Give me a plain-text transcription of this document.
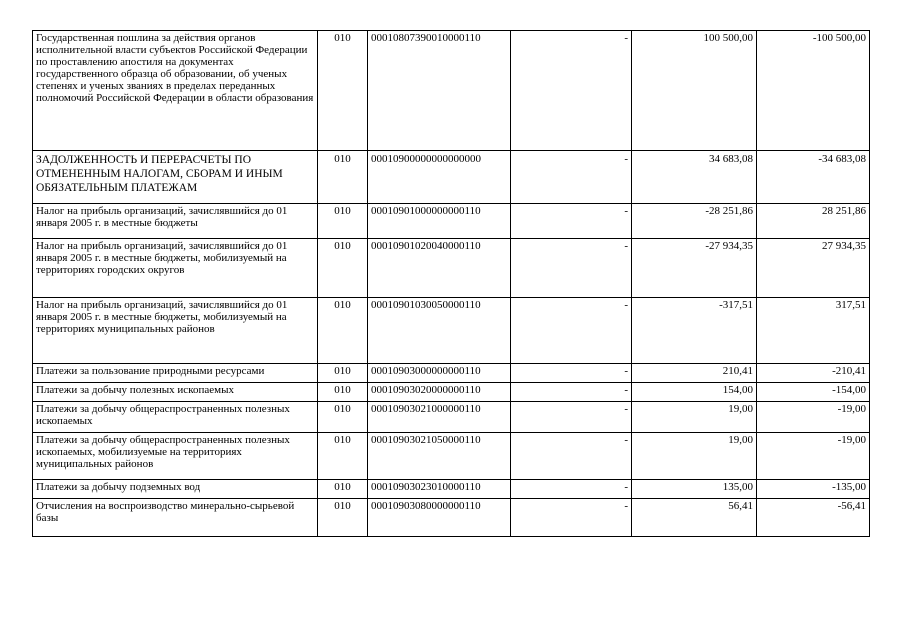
Государственная пошлина за действия органов исполнительной власти субъектов Российской Федерации по проставлению апостиля на документах государственного образца об образовании, об ученых степенях и ученых званиях в пределах переданных полномочий Российской Федерации в области образования	010	00010807390010000110	-	100 500,00	-100 500,00
ЗАДОЛЖЕННОСТЬ И ПЕРЕРАСЧЕТЫ ПО ОТМЕНЕННЫМ НАЛОГАМ, СБОРАМ И ИНЫМ ОБЯЗАТЕЛЬНЫМ ПЛАТЕЖАМ	010	00010900000000000000	-	34 683,08	-34 683,08
Налог на прибыль организаций, зачислявшийся до 01 января 2005 г. в местные бюджеты	010	00010901000000000110	-	-28 251,86	28 251,86
Налог на прибыль организаций, зачислявшийся до 01 января 2005 г. в местные бюджеты, мобилизуемый на территориях городских округов	010	00010901020040000110	-	-27 934,35	27 934,35
Налог на прибыль организаций, зачислявшийся до 01 января 2005 г. в местные бюджеты, мобилизуемый на территориях муниципальных районов	010	00010901030050000110	-	-317,51	317,51
Платежи за пользование природными ресурсами	010	00010903000000000110	-	210,41	-210,41
Платежи за добычу полезных ископаемых	010	00010903020000000110	-	154,00	-154,00
Платежи за добычу общераспространенных полезных ископаемых	010	00010903021000000110	-	19,00	-19,00
Платежи за добычу общераспространенных полезных ископаемых, мобилизуемые на территориях муниципальных районов	010	00010903021050000110	-	19,00	-19,00
Платежи за добычу подземных вод	010	00010903023010000110	-	135,00	-135,00
Отчисления на воспроизводство минерально-сырьевой базы	010	00010903080000000110	-	56,41	-56,41
